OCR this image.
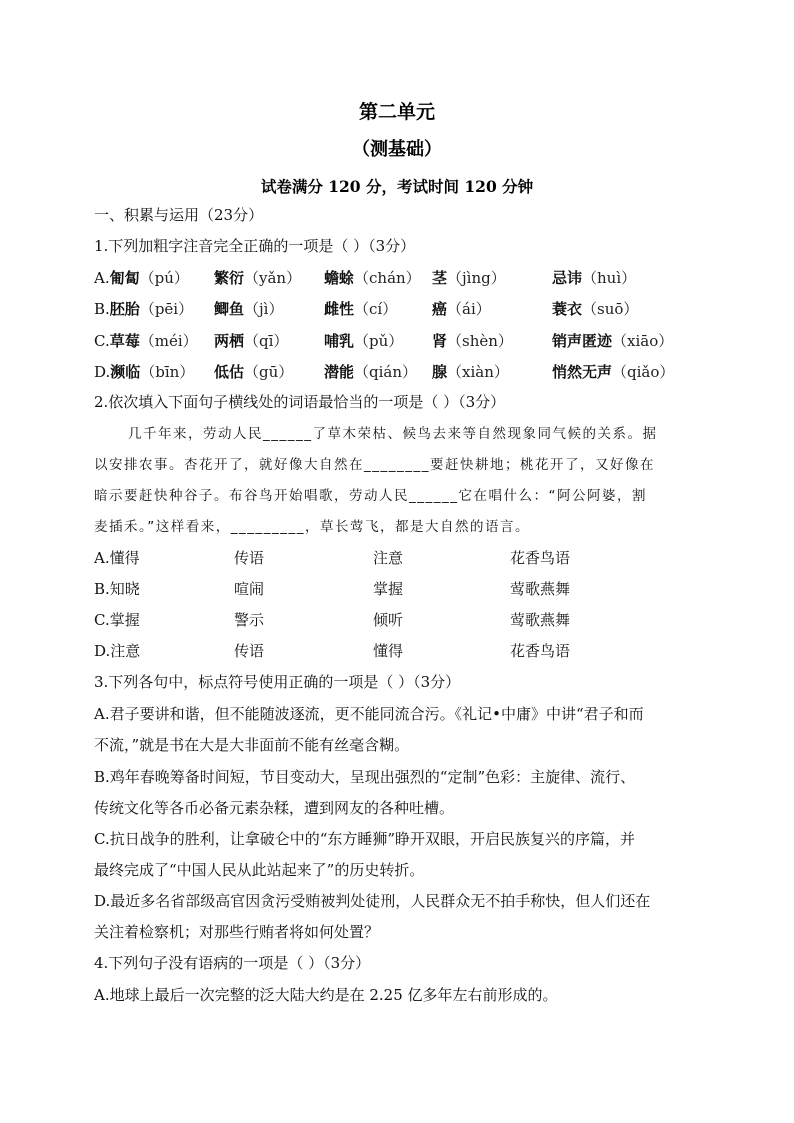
第二单元
（测基础）
试卷满分 120 分，考试时间 120 分钟
一、积累与运用（23分）
1.下列加粗字注音完全正确的一项是（ ）（3分）
A.匍匐（pú） 繁衍（yǎn） 蟾蜍（chán） 茎（jìng）	忌讳（huì）
B.胚胎（pēi） 鲫鱼（jì）	雌性（cí） 癌（ái）	蓑衣（suō）
C.草莓（méi） 两栖（qī） 哺乳（pǔ） 肾（shèn）	销声匿迹（xiāo）
D.濒临（bīn） 低估（gū） 潜能（qián） 腺（xiàn）	悄然无声（qiǎo）
2.依次填入下面句子横线处的词语最恰当的一项是（ ）（3分）
几千年来，劳动人民______了草木荣枯、候鸟去来等自然现象同气候的关系。据
以安排农事。杏花开了，就好像大自然在________要赶快耕地；桃花开了，又好像在
暗示要赶快种谷子。布谷鸟开始唱歌，劳动人民______它在唱什么：“阿公阿婆，割
麦插禾。”这样看来，_________，草长莺飞，都是大自然的语言。
A.懂得	传语	注意	花香鸟语
B.知晓	喧闹	掌握	莺歌燕舞
C.掌握	警示	倾听	莺歌燕舞
D.注意	传语	懂得	花香鸟语
3.下列各句中，标点符号使用正确的一项是（ ）（3分）
A.君子要讲和谐，但不能随波逐流，更不能同流合污。《礼记•中庸》中讲“君子和而
不流，”就是书在大是大非面前不能有丝毫含糊。
B.鸡年春晚筹备时间短，节目变动大，呈现出强烈的“定制”色彩：主旋律、流行、
传统文化等各币必备元素杂糅，遭到网友的各种吐槽。
C.抗日战争的胜利，让拿破仑中的“东方睡狮”睁开双眼，开启民族复兴的序篇，并
最终完成了“中国人民从此站起来了”的历史转折。
D.最近多名省部级高官因贪污受贿被判处徒刑，人民群众无不拍手称快，但人们还在
关注着检察机；对那些行贿者将如何处置？
4.下列句子没有语病的一项是（ ）（3分）
A.地球上最后一次完整的泛大陆大约是在 2.25 亿多年左右前形成的。
